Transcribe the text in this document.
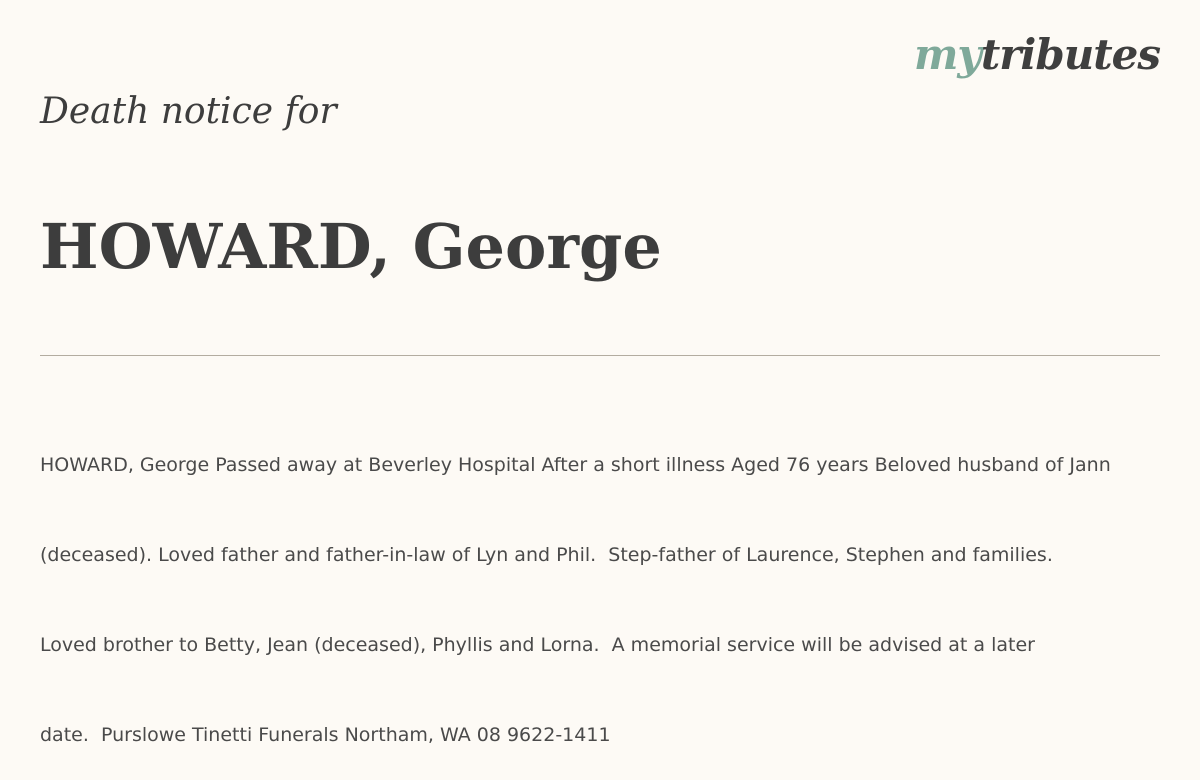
mytributes
Death notice for
HOWARD, George

HOWARD, George Passed away at Beverley Hospital After a short illness Aged 76 years Beloved husband of Jann

(deceased). Loved father and father-in-law of Lyn and Phil.  Step-father of Laurence, Stephen and families.

Loved brother to Betty, Jean (deceased), Phyllis and Lorna.  A memorial service will be advised at a later

date.  Purslowe Tinetti Funerals Northam, WA 08 9622-1411
